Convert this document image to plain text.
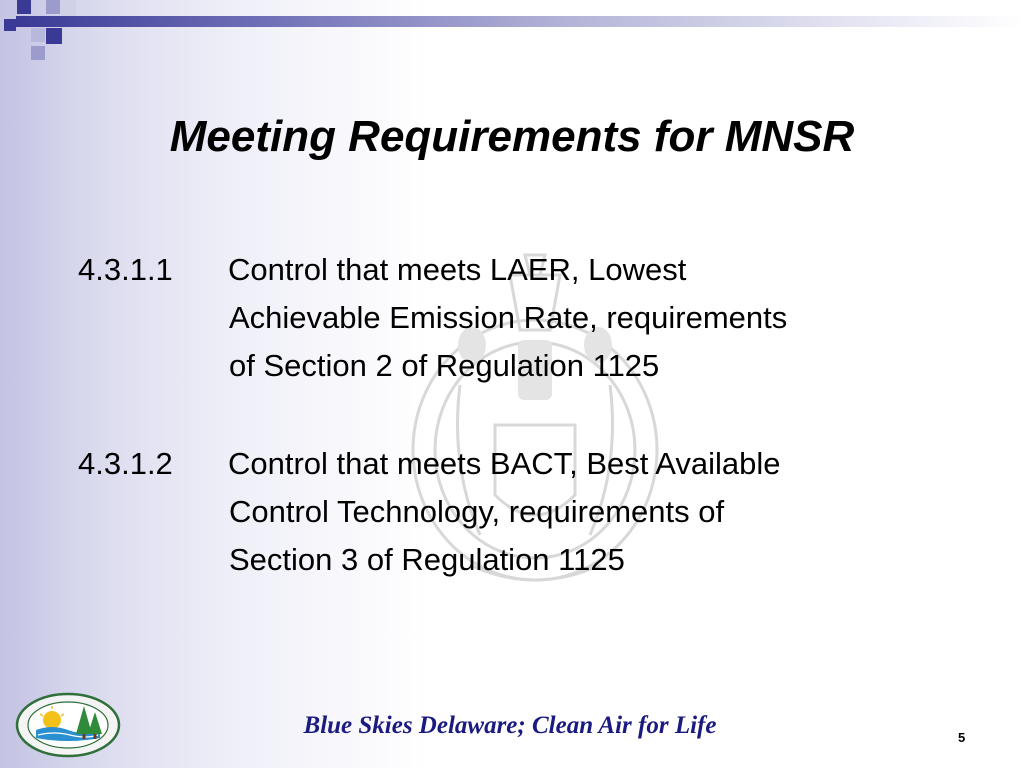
Meeting Requirements for MNSR
4.3.1.1 Control that meets LAER, Lowest
Achievable Emission Rate, requirements
of Section 2 of Regulation 1125
4.3.1.2 Control that meets BACT, Best Available
Control Technology, requirements of
Section 3 of Regulation 1125
Blue Skies Delaware; Clean Air for Life	5
